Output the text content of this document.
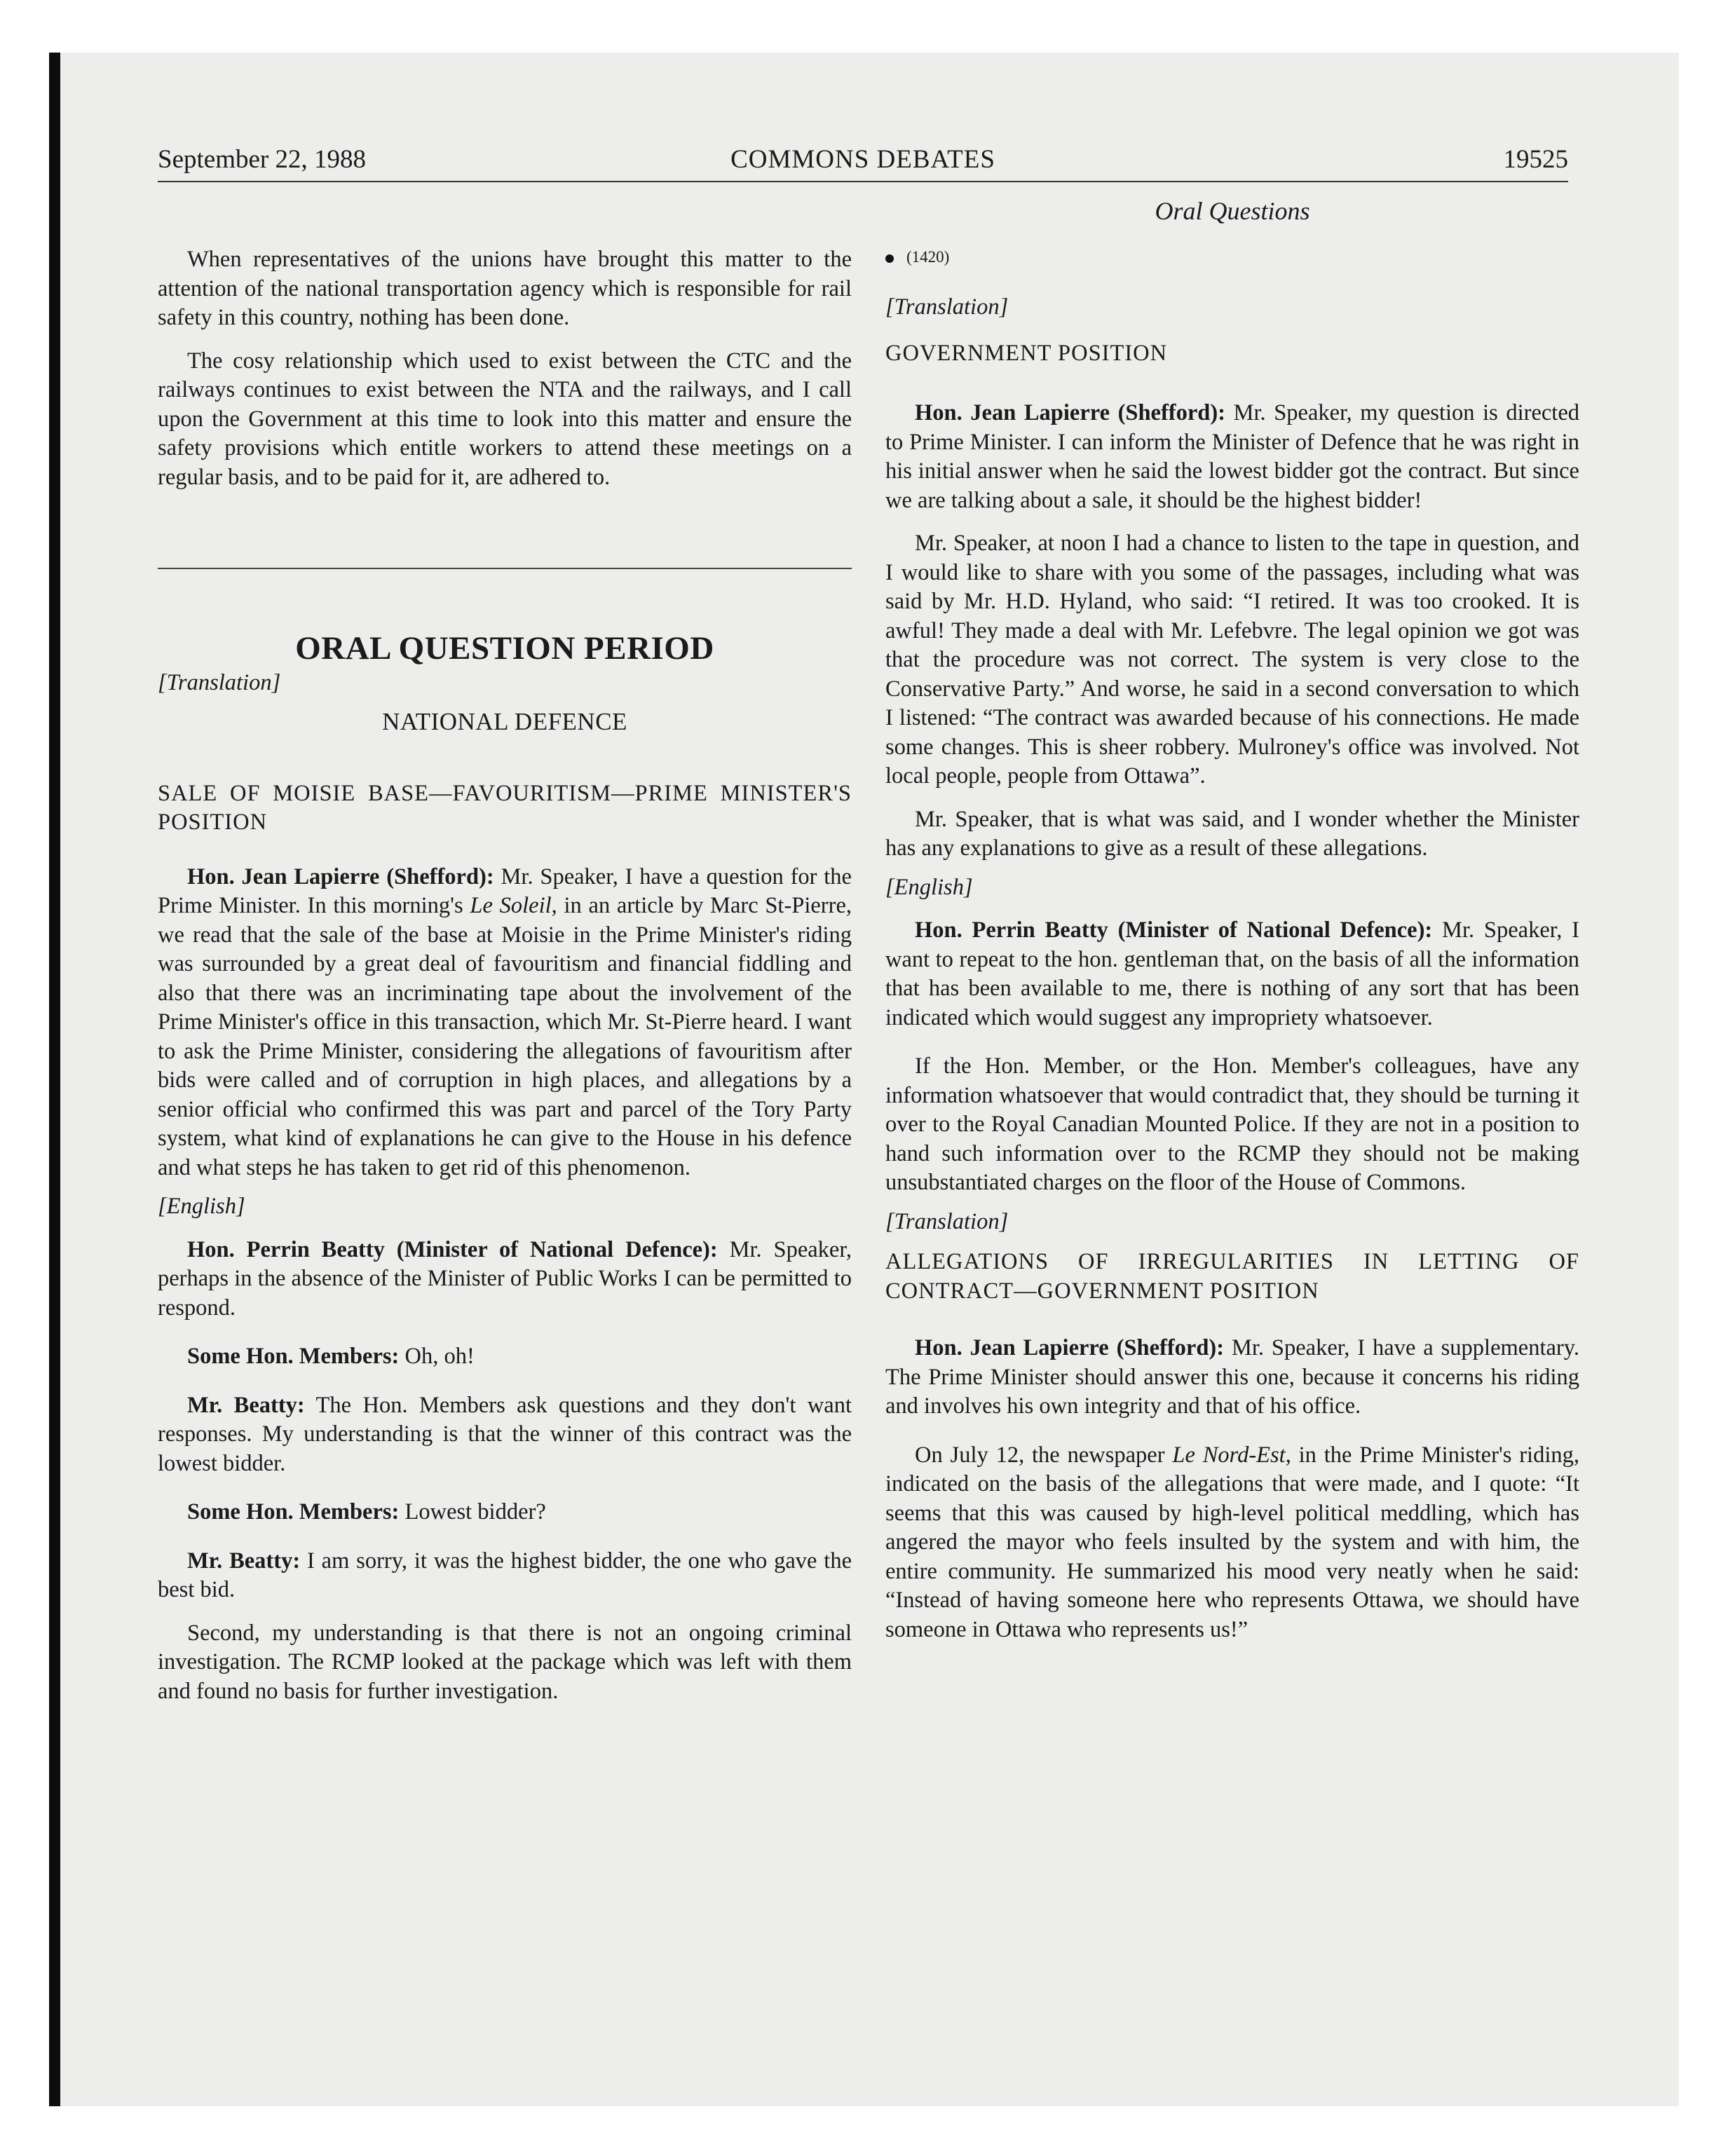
September 22, 1988	COMMONS DEBATES	19525

When representatives of the unions have brought this matter to the attention of the national transportation agency which is responsible for rail safety in this country, nothing has been done.

The cosy relationship which used to exist between the CTC and the railways continues to exist between the NTA and the railways, and I call upon the Government at this time to look into this matter and ensure the safety provisions which entitle workers to attend these meetings on a regular basis, and to be paid for it, are adhered to.

ORAL QUESTION PERIOD

[Translation]

NATIONAL DEFENCE

SALE OF MOISIE BASE—FAVOURITISM—PRIME MINISTER'S POSITION

Hon. Jean Lapierre (Shefford): Mr. Speaker, I have a question for the Prime Minister. In this morning's Le Soleil, in an article by Marc St-Pierre, we read that the sale of the base at Moisie in the Prime Minister's riding was surrounded by a great deal of favouritism and financial fiddling and also that there was an incriminating tape about the involvement of the Prime Minister's office in this transaction, which Mr. St-Pierre heard. I want to ask the Prime Minister, considering the allegations of favouritism after bids were called and of corruption in high places, and allegations by a senior official who confirmed this was part and parcel of the Tory Party system, what kind of explanations he can give to the House in his defence and what steps he has taken to get rid of this phenomenon.

[English]

Hon. Perrin Beatty (Minister of National Defence): Mr. Speaker, perhaps in the absence of the Minister of Public Works I can be permitted to respond.

Some Hon. Members: Oh, oh!

Mr. Beatty: The Hon. Members ask questions and they don't want responses. My understanding is that the winner of this contract was the lowest bidder.

Some Hon. Members: Lowest bidder?

Mr. Beatty: I am sorry, it was the highest bidder, the one who gave the best bid.

Second, my understanding is that there is not an ongoing criminal investigation. The RCMP looked at the package which was left with them and found no basis for further investigation.

Oral Questions
(1420)

[Translation]

GOVERNMENT POSITION

Hon. Jean Lapierre (Shefford): Mr. Speaker, my question is directed to Prime Minister. I can inform the Minister of Defence that he was right in his initial answer when he said the lowest bidder got the contract. But since we are talking about a sale, it should be the highest bidder!

Mr. Speaker, at noon I had a chance to listen to the tape in question, and I would like to share with you some of the passages, including what was said by Mr. H.D. Hyland, who said: “I retired. It was too crooked. It is awful! They made a deal with Mr. Lefebvre. The legal opinion we got was that the procedure was not correct. The system is very close to the Conservative Party.” And worse, he said in a second conversation to which I listened: “The contract was awarded because of his connections. He made some changes. This is sheer robbery. Mulroney's office was involved. Not local people, people from Ottawa”.

Mr. Speaker, that is what was said, and I wonder whether the Minister has any explanations to give as a result of these allegations.

[English]

Hon. Perrin Beatty (Minister of National Defence): Mr. Speaker, I want to repeat to the hon. gentleman that, on the basis of all the information that has been available to me, there is nothing of any sort that has been indicated which would suggest any impropriety whatsoever.

If the Hon. Member, or the Hon. Member's colleagues, have any information whatsoever that would contradict that, they should be turning it over to the Royal Canadian Mounted Police. If they are not in a position to hand such information over to the RCMP they should not be making unsubstantiated charges on the floor of the House of Commons.

[Translation]

ALLEGATIONS OF IRREGULARITIES IN LETTING OF CONTRACT—GOVERNMENT POSITION

Hon. Jean Lapierre (Shefford): Mr. Speaker, I have a supplementary. The Prime Minister should answer this one, because it concerns his riding and involves his own integrity and that of his office.

On July 12, the newspaper Le Nord-Est, in the Prime Minister's riding, indicated on the basis of the allegations that were made, and I quote: “It seems that this was caused by high-level political meddling, which has angered the mayor who feels insulted by the system and with him, the entire community. He summarized his mood very neatly when he said: “Instead of having someone here who represents Ottawa, we should have someone in Ottawa who represents us!”
